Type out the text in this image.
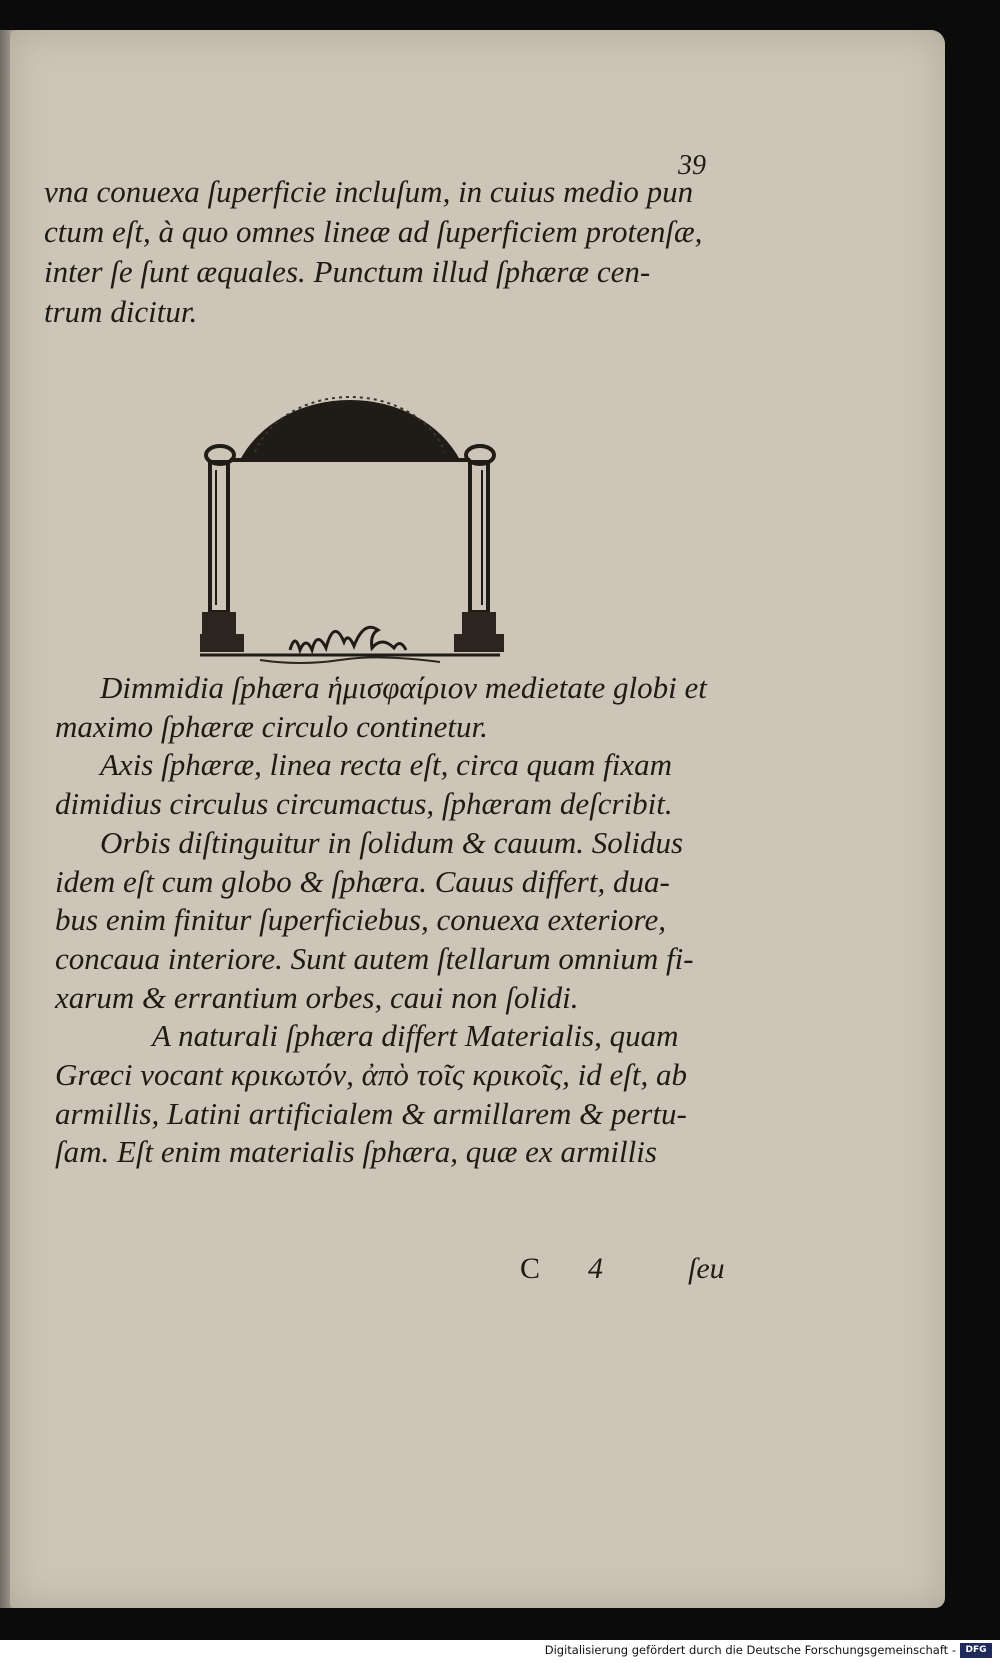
39
vna conuexa ſuperficie incluſum, in cuius medio pun
ctum eſt, à quo omnes lineæ ad ſuperficiem protenſæ,
inter ſe ſunt æquales. Punctum illud ſphæræ cen-
trum dicitur.
Dimmidia ſphæra ἡμισφαίριον medietate globi et
maximo ſphæræ circulo continetur.
Axis ſphæræ, linea recta eſt, circa quam fixam
dimidius circulus circumactus, ſphæram deſcribit.
Orbis diſtinguitur in ſolidum & cauum. Solidus
idem eſt cum globo & ſphæra. Cauus differt, dua-
bus enim finitur ſuperficiebus, conuexa exteriore,
concaua interiore. Sunt autem ſtellarum omnium fi-
xarum & errantium orbes, caui non ſolidi.
A naturali ſphæra differt Materialis, quam
Græci vocant κρικωτόν, ἀπὸ τοῖς κρικοῖς, id eſt, ab
armillis, Latini artificialem & armillarem & pertu-
ſam. Eſt enim materialis ſphæra, quæ ex armillis
C 4	ſeu
Digitalisierung gefördert durch die Deutsche Forschungsgemeinschaft -	DFG
